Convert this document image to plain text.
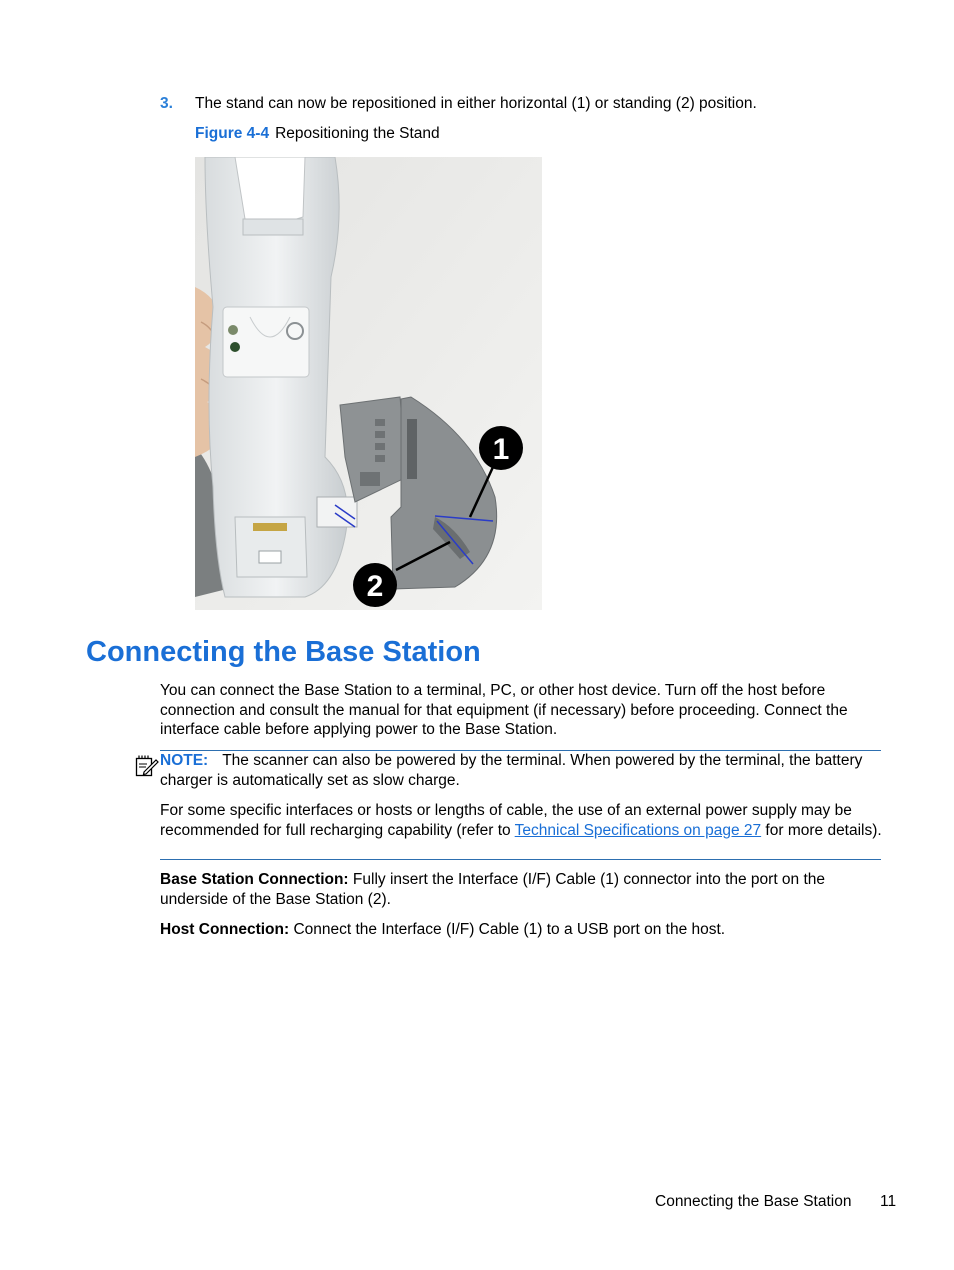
3. The stand can now be repositioned in either horizontal (1) or standing (2) position.
Figure 4-4 Repositioning the Stand
1
2
Connecting the Base Station

You can connect the Base Station to a terminal, PC, or other host device. Turn off the host before connection and consult the manual for that equipment (if necessary) before proceeding. Connect the interface cable before applying power to the Base Station.

NOTE: The scanner can also be powered by the terminal. When powered by the terminal, the battery charger is automatically set as slow charge.

For some specific interfaces or hosts or lengths of cable, the use of an external power supply may be recommended for full recharging capability (refer to Technical Specifications on page 27 for more details).

Base Station Connection: Fully insert the Interface (I/F) Cable (1) connector into the port on the underside of the Base Station (2).

Host Connection: Connect the Interface (I/F) Cable (1) to a USB port on the host.

Connecting the Base Station 11
